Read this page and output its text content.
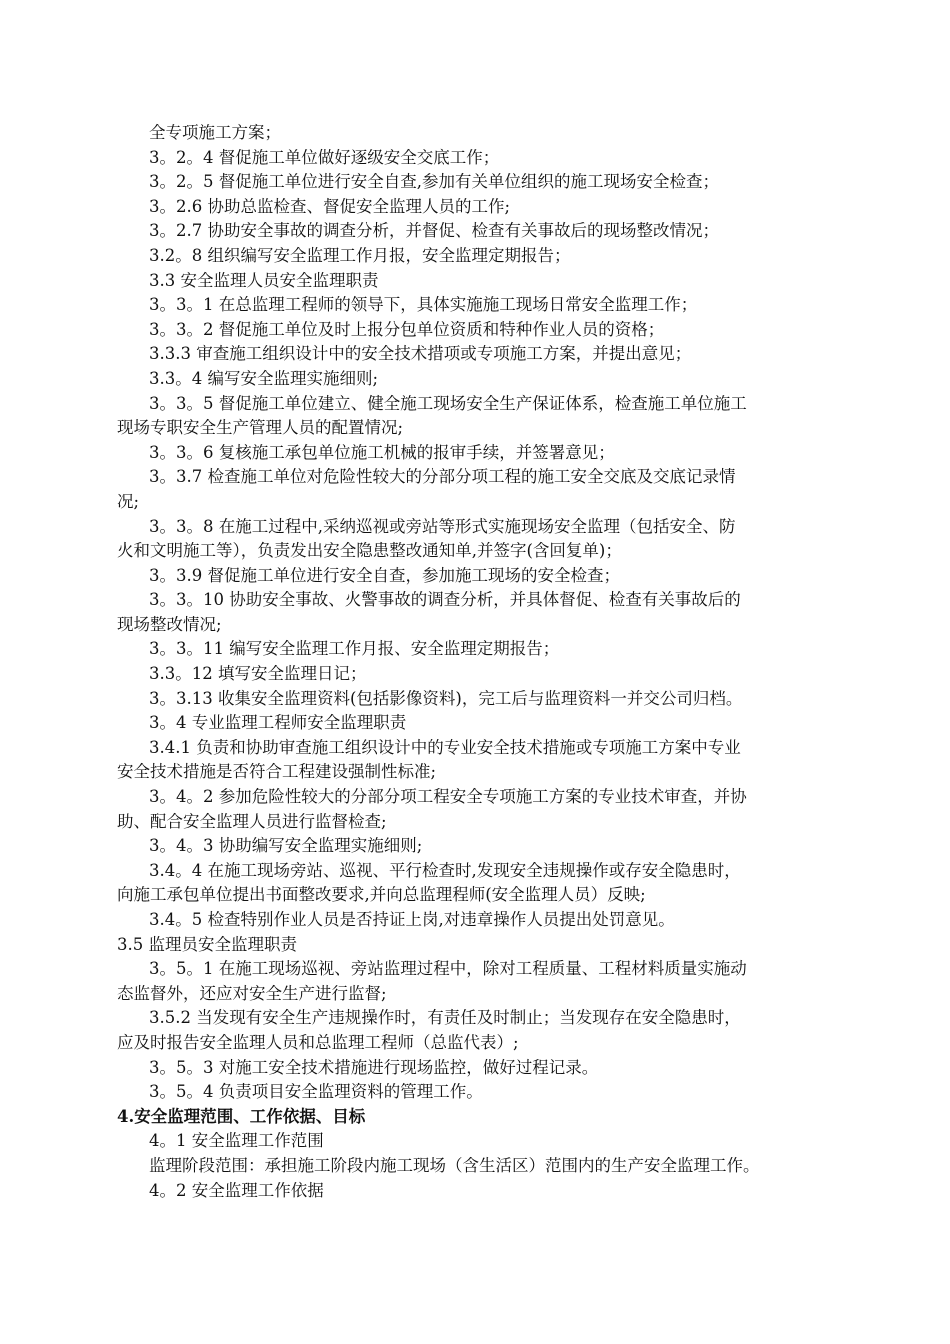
全专项施工方案；
3。2。4 督促施工单位做好逐级安全交底工作；
3。2。5 督促施工单位进行安全自查,参加有关单位组织的施工现场安全检查；
3。2.6 协助总监检查、督促安全监理人员的工作;
3。2.7 协助安全事故的调查分析，并督促、检查有关事故后的现场整改情况；
3.2。8 组织编写安全监理工作月报，安全监理定期报告；
3.3 安全监理人员安全监理职责
3。3。1 在总监理工程师的领导下，具体实施施工现场日常安全监理工作；
3。3。2 督促施工单位及时上报分包单位资质和特种作业人员的资格；
3.3.3 审查施工组织设计中的安全技术措项或专项施工方案，并提出意见；
3.3。4 编写安全监理实施细则;
3。3。5 督促施工单位建立、健全施工现场安全生产保证体系，检查施工单位施工
现场专职安全生产管理人员的配置情况;
3。3。6 复核施工承包单位施工机械的报审手续，并签署意见；
3。3.7 检查施工单位对危险性较大的分部分项工程的施工安全交底及交底记录情
况;
3。3。8 在施工过程中,采纳巡视或旁站等形式实施现场安全监理（包括安全、防
火和文明施工等），负责发出安全隐患整改通知单,并签字(含回复单)；
3。3.9 督促施工单位进行安全自查，参加施工现场的安全检查；
3。3。10 协助安全事故、火警事故的调查分析，并具体督促、检查有关事故后的
现场整改情况;
3。3。11 编写安全监理工作月报、安全监理定期报告；
3.3。12 填写安全监理日记；
3。3.13 收集安全监理资料(包括影像资料)，完工后与监理资料一并交公司归档。
3。4 专业监理工程师安全监理职责
3.4.1 负责和协助审查施工组织设计中的专业安全技术措施或专项施工方案中专业
安全技术措施是否符合工程建设强制性标准;
3。4。2 参加危险性较大的分部分项工程安全专项施工方案的专业技术审查，并协
助、配合安全监理人员进行监督检查;
3。4。3 协助编写安全监理实施细则;
3.4。4 在施工现场旁站、巡视、平行检查时,发现安全违规操作或存安全隐患时，
向施工承包单位提出书面整改要求,并向总监理程师(安全监理人员）反映;
3.4。5 检查特别作业人员是否持证上岗,对违章操作人员提出处罚意见。
3.5 监理员安全监理职责
3。5。1 在施工现场巡视、旁站监理过程中，除对工程质量、工程材料质量实施动
态监督外，还应对安全生产进行监督;
3.5.2 当发现有安全生产违规操作时，有责任及时制止；当发现存在安全隐患时，
应及时报告安全监理人员和总监理工程师（总监代表）;
3。5。3 对施工安全技术措施进行现场监控，做好过程记录。
3。5。4 负责项目安全监理资料的管理工作。
4.安全监理范围、工作依据、目标
4。1 安全监理工作范围
监理阶段范围：承担施工阶段内施工现场（含生活区）范围内的生产安全监理工作。
4。2 安全监理工作依据
